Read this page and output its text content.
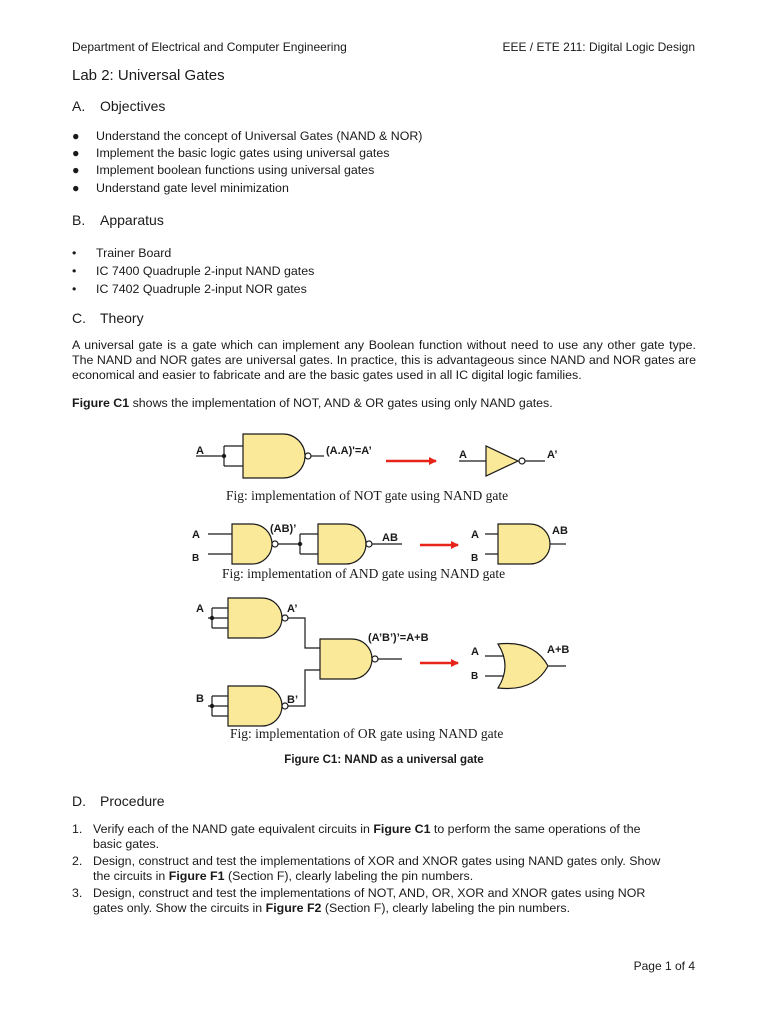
Department of Electrical and Computer Engineering	EEE / ETE 211: Digital Logic Design
Lab 2: Universal Gates
A. Objectives
● Understand the concept of Universal Gates (NAND & NOR)
● Implement the basic logic gates using universal gates
● Implement boolean functions using universal gates
● Understand gate level minimization
B. Apparatus
• Trainer Board
• IC 7400 Quadruple 2-input NAND gates
• IC 7402 Quadruple 2-input NOR gates
C. Theory
A universal gate is a gate which can implement any Boolean function without need to use any other gate type. The NAND and NOR gates are universal gates. In practice, this is advantageous since NAND and NOR gates are economical and easier to fabricate and are the basic gates used in all IC digital logic families.
Figure C1 shows the implementation of NOT, AND & OR gates using only NAND gates.
A	(A.A)'=A’	A	A’
A
B
(AB)’
AB	A
B
AB
A	A’
B	B’
(A’B’)’=A+B
A
B
A+B
Fig: implementation of NOT gate using NAND gate
Fig: implementation of AND gate using NAND gate
Fig: implementation of OR gate using NAND gate
Figure C1: NAND as a universal gate
D. Procedure
1. Verify each of the NAND gate equivalent circuits in Figure C1 to perform the same operations of the basic gates.
2. Design, construct and test the implementations of XOR and XNOR gates using NAND gates only. Show the circuits in Figure F1 (Section F), clearly labeling the pin numbers.
3. Design, construct and test the implementations of NOT, AND, OR, XOR and XNOR gates using NOR gates only. Show the circuits in Figure F2 (Section F), clearly labeling the pin numbers.
Page 1 of 4
